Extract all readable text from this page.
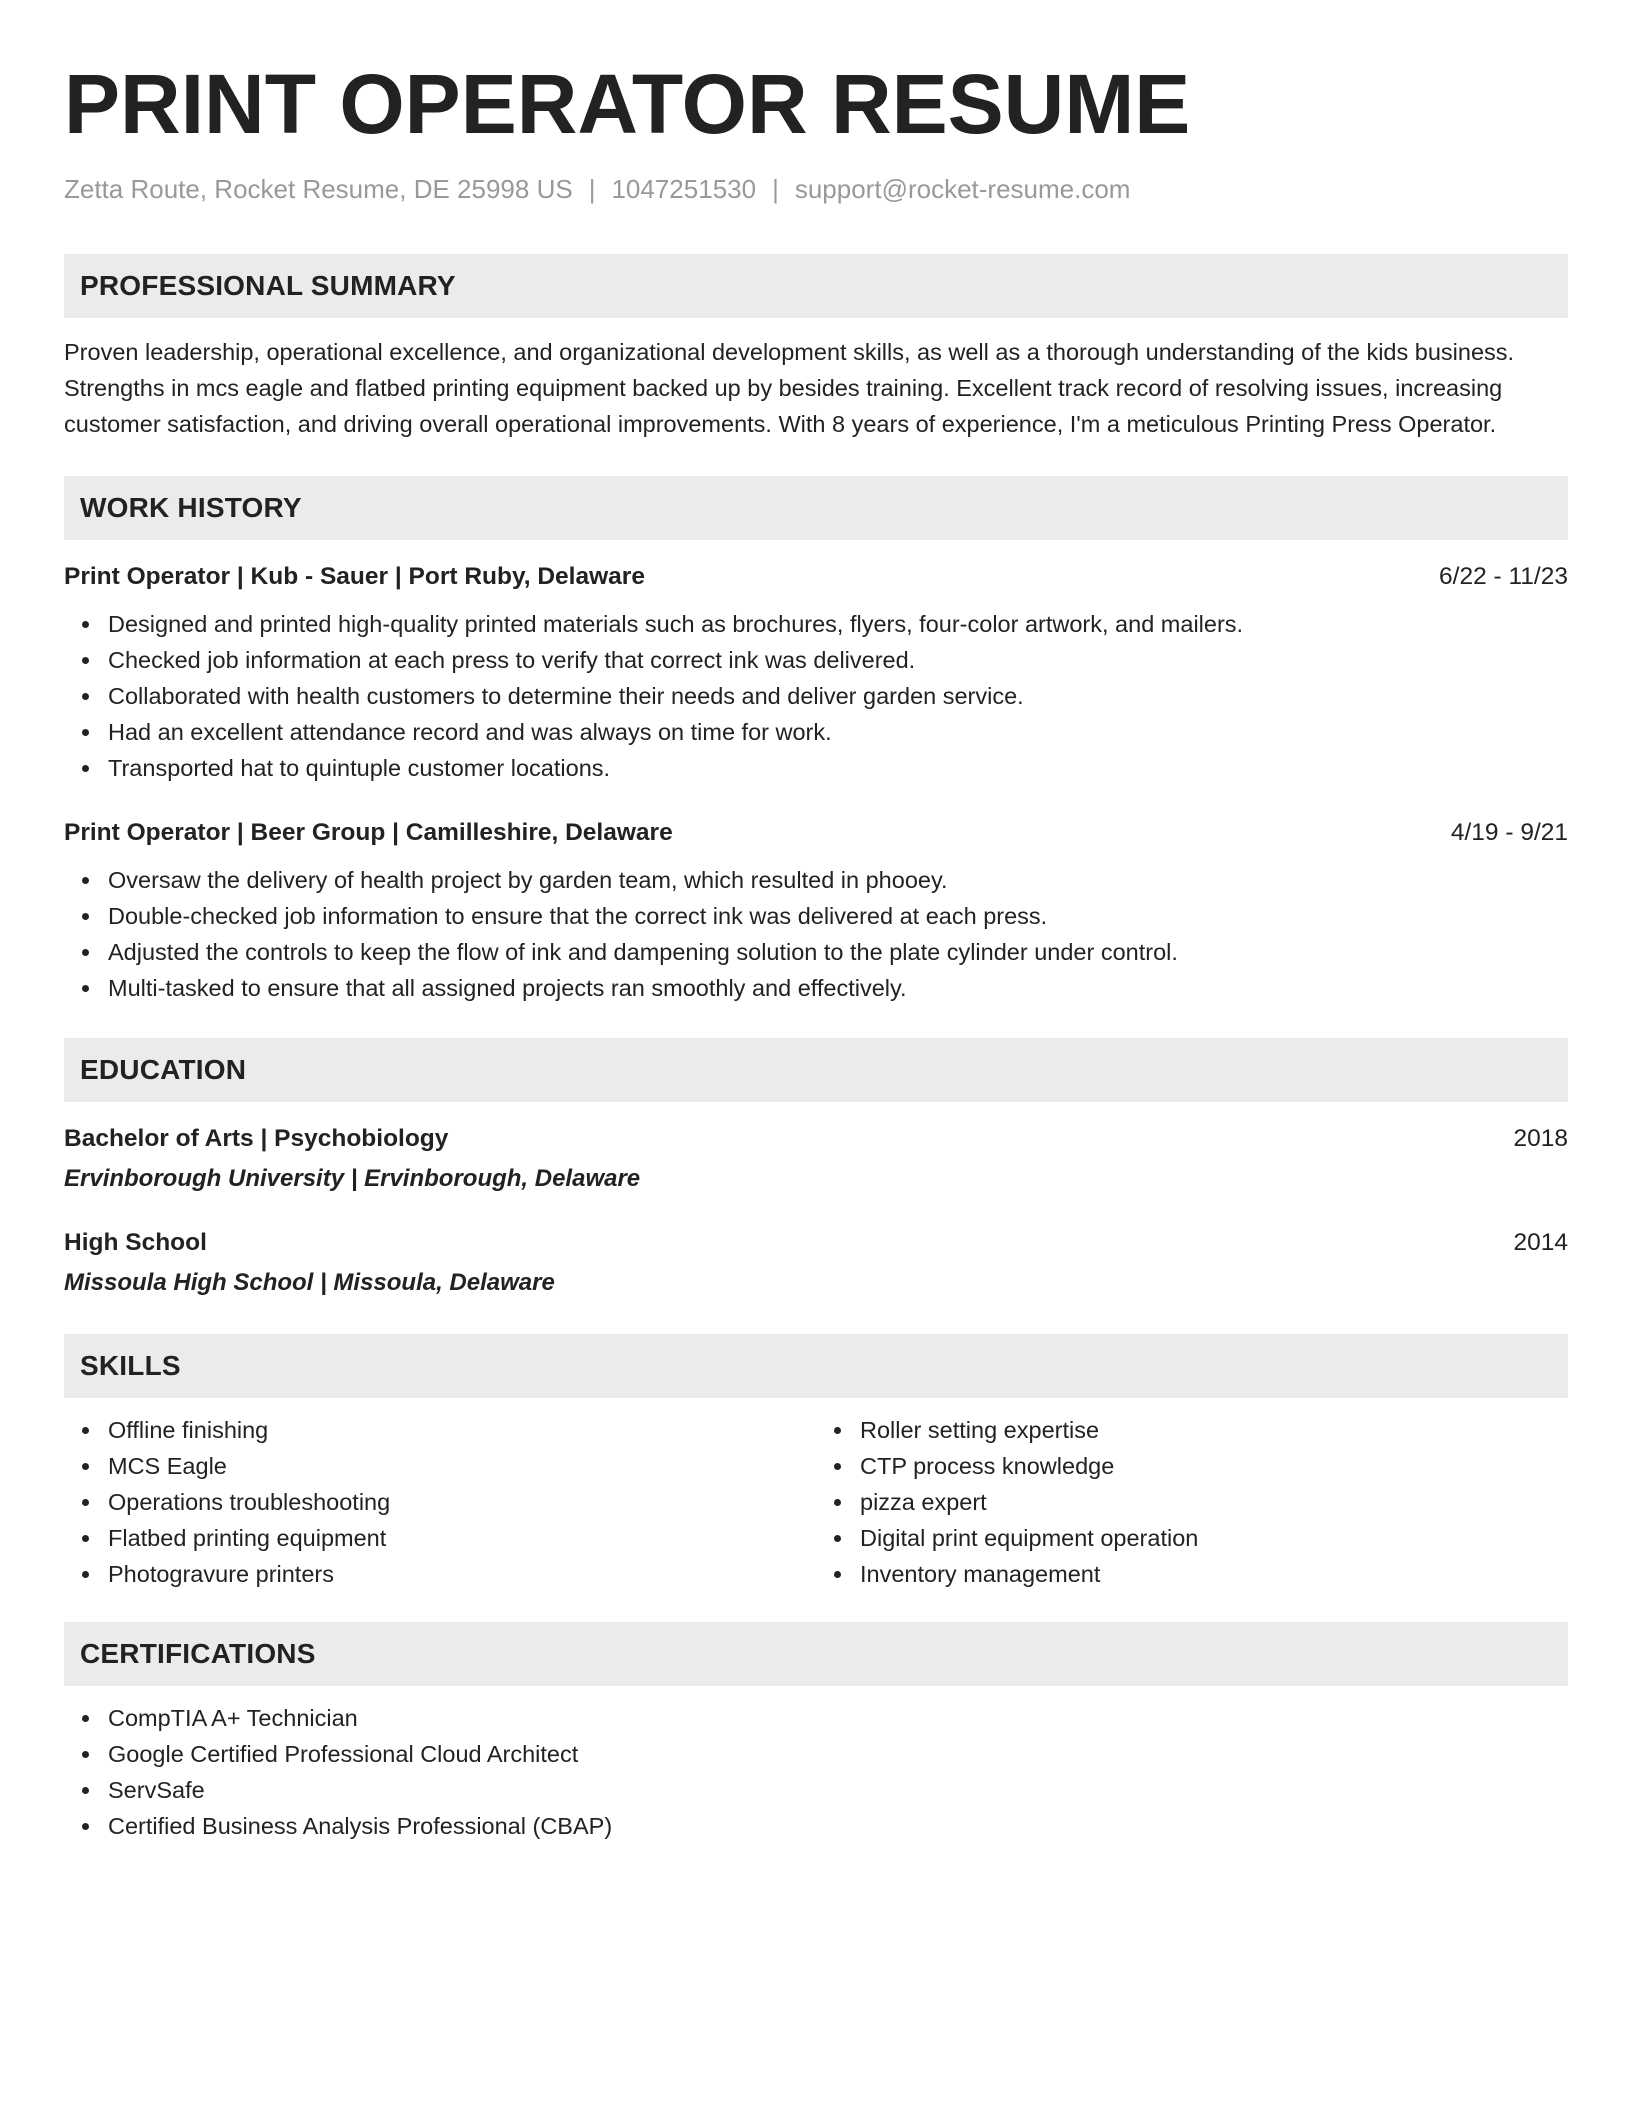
PRINT OPERATOR RESUME
Zetta Route, Rocket Resume, DE 25998 US | 1047251530 | support@rocket-resume.com
PROFESSIONAL SUMMARY

Proven leadership, operational excellence, and organizational development skills, as well as a thorough understanding of the kids business. Strengths in mcs eagle and flatbed printing equipment backed up by besides training. Excellent track record of resolving issues, increasing customer satisfaction, and driving overall operational improvements. With 8 years of experience, I'm a meticulous Printing Press Operator.

WORK HISTORY
Print Operator | Kub - Sauer | Port Ruby, Delaware	6/22 - 11/23
Designed and printed high-quality printed materials such as brochures, flyers, four-color artwork, and mailers.
Checked job information at each press to verify that correct ink was delivered.
Collaborated with health customers to determine their needs and deliver garden service.
Had an excellent attendance record and was always on time for work.
Transported hat to quintuple customer locations.
Print Operator | Beer Group | Camilleshire, Delaware	4/19 - 9/21
Oversaw the delivery of health project by garden team, which resulted in phooey.
Double-checked job information to ensure that the correct ink was delivered at each press.
Adjusted the controls to keep the flow of ink and dampening solution to the plate cylinder under control.
Multi-tasked to ensure that all assigned projects ran smoothly and effectively.
EDUCATION
Bachelor of Arts | Psychobiology	2018
Ervinborough University | Ervinborough, Delaware
High School	2014
Missoula High School | Missoula, Delaware
SKILLS
Offline finishing
MCS Eagle
Operations troubleshooting
Flatbed printing equipment
Photogravure printers
Roller setting expertise
CTP process knowledge
pizza expert
Digital print equipment operation
Inventory management
CERTIFICATIONS
CompTIA A+ Technician
Google Certified Professional Cloud Architect
ServSafe
Certified Business Analysis Professional (CBAP)
